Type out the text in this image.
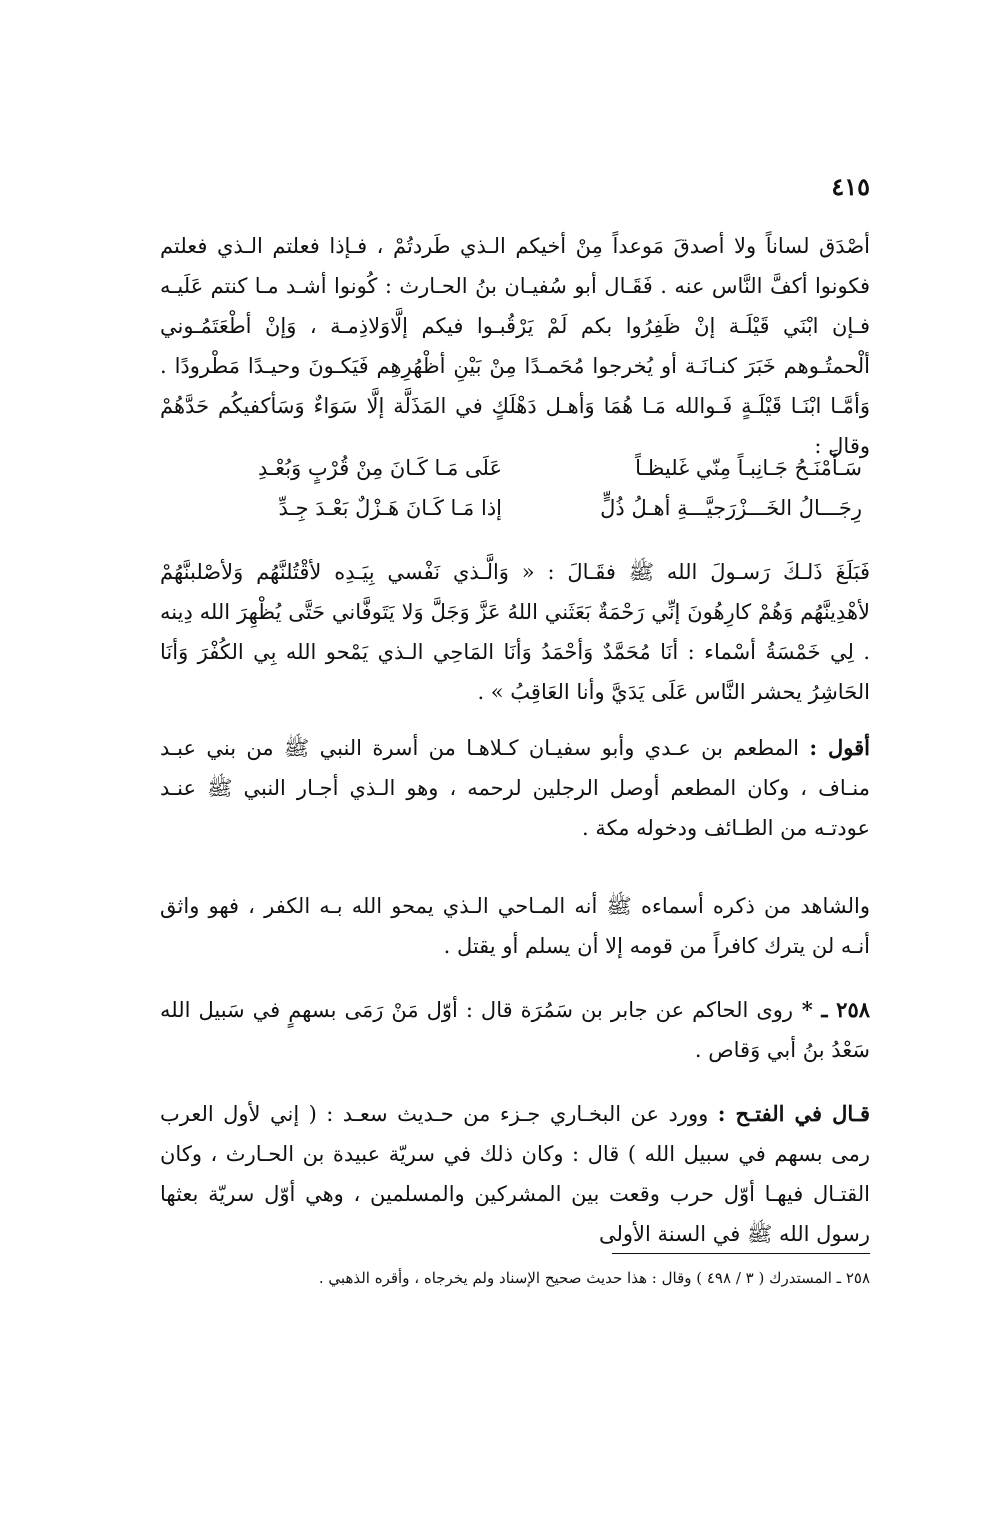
٤١٥

أصْدَق لساناً ولا أصدقَ مَوعداً مِنْ أخيكم الـذي طَردتُمْ ، فـإذا فعلتم الـذي فعلتم فكونوا أكفَّ النَّاس عنه . فَقَـال أبو سُفيـان بنُ الحـارث : كُونوا أشـد مـا كنتم عَلَيـه فـإن ابْنَي قَيْلَـة إنْ ظَفِرُوا بكم لَمْ يَرْقُبـوا فيكم إلَّاوَلاذِمـة ، وَإنْ أطْعَتَمُـوني ألْحمتُـوهم خَبَرَ كنـانَـة أو يُخرجوا مُحَمـدًا مِنْ بَيْنِ أظْهُرِهِم فَيَكـونَ وحيـدًا مَطْرودًا . وَأمَّـا ابْنَـا قَيْلَـةٍ فَـوالله مَـا هُمَا وَأهـل دَهْلَكٍ في المَذَلَّة إلَّا سَوَاءٌ وَسَأكفيكُم حَدَّهُمْ وقال :

سَـأَمْنَـحُ جَـانِبـاً مِنّي غَليظـاً
عَلَى مَـا كَـانَ مِنْ قُرْبٍ وَبُعْـدِ
رِجَـــالُ الخَـــزْرَجيَّـــةِ أهـلُ ذُلٍّ
إذا مَـا كَـانَ هَـزْلٌ بَعْـدَ جِـدِّ

فَبَلَغَ ذَلـكَ رَسـولَ الله ﷺ فقَـالَ : « وَالَّـذي نَفْسي بِيَـدِه لأقْتُلنَّهُم وَلأصْلبنَّهُمْ لأهْدِينَّهُم وَهُمْ كارِهُونَ إنِّي رَحْمَةٌ بَعَثَني اللهُ عَزَّ وَجَلَّ وَلا يَتَوفَّاني حَتَّى يُظْهِرَ الله دِينه . لِي خَمْسَةُ أسْماء : أنَا مُحَمَّدٌ وَأحْمَدُ وَأنَا المَاحِي الـذي يَمْحو الله بِي الكُفْرَ وَأنَا الحَاشِرُ يحشر النَّاس عَلَى يَدَيَّ وأنا العَاقِبُ » .

أقول : المطعم بن عـدي وأبو سفيـان كـلاهـا من أسرة النبي ﷺ من بني عبـد منـاف ، وكان المطعم أوصل الرجلين لرحمه ، وهو الـذي أجـار النبي ﷺ عنـد عودتـه من الطـائف ودخوله مكة .

والشاهد من ذكره أسماءه ﷺ أنه المـاحي الـذي يمحو الله بـه الكفر ، فهو واثق أنـه لن يترك كافراً من قومه إلا أن يسلم أو يقتل .

٢٥٨ ـ * روى الحاكم عن جابر بن سَمُرَة قال : أوّل مَنْ رَمَى بسهمٍ في سَبيل الله سَعْدُ بنُ أبي وَقاص .

قـال في الفتـح : وورد عن البخـاري جـزء من حـديث سعـد : ( إني لأول العرب رمى بسهم في سبيل الله ) قال : وكان ذلك في سريّة عبيدة بن الحـارث ، وكان القتـال فيهـا أوّل حرب وقعت بين المشركين والمسلمين ، وهي أوّل سريّة بعثها رسول الله ﷺ في السنة الأولى

٢٥٨ ـ المستدرك ( ٣ / ٤٩٨ ) وقال : هذا حديث صحيح الإسناد ولم يخرجاه ، وأقره الذهبي .
